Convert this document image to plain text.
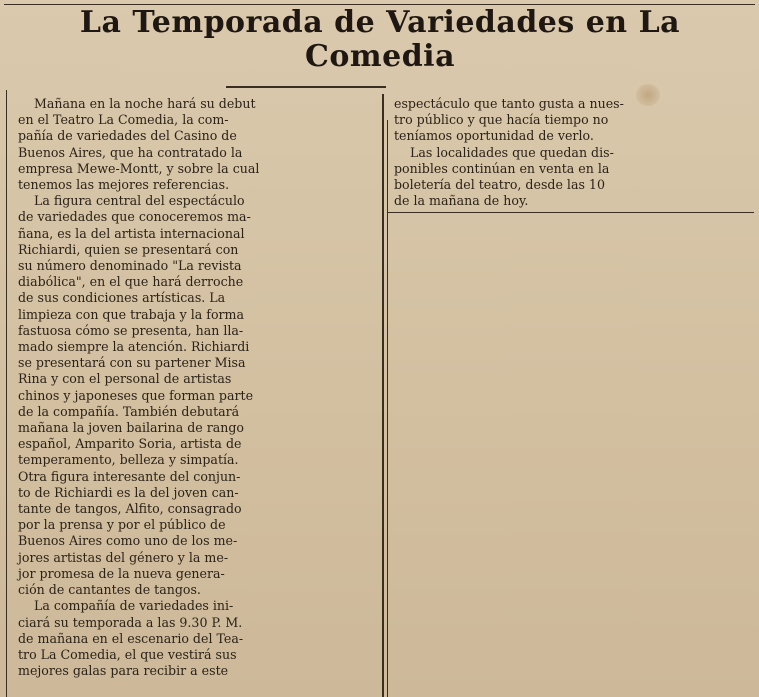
La Temporada de Variedades en La
Comedia

Mañana en la noche hará su debut
en el Teatro La Comedia, la com-
pañía de variedades del Casino de
Buenos Aires, que ha contratado la
empresa Mewe-Montt, y sobre la cual
tenemos las mejores referencias.
La figura central del espectáculo
de variedades que conoceremos ma-
ñana, es la del artista internacional
Richiardi, quien se presentará con
su número denominado "La revista
diabólica", en el que hará derroche
de sus condiciones artísticas. La
limpieza con que trabaja y la forma
fastuosa cómo se presenta, han lla-
mado siempre la atención. Richiardi
se presentará con su partener Misa
Rina y con el personal de artistas
chinos y japoneses que forman parte
de la compañía. También debutará
mañana la joven bailarina de rango
español, Amparito Soria, artista de
temperamento, belleza y simpatía.
Otra figura interesante del conjun-
to de Richiardi es la del joven can-
tante de tangos, Alfito, consagrado
por la prensa y por el público de
Buenos Aires como uno de los me-
jores artistas del género y la me-
jor promesa de la nueva genera-
ción de cantantes de tangos.
La compañía de variedades ini-
ciará su temporada a las 9.30 P. M.
de mañana en el escenario del Tea-
tro La Comedia, el que vestirá sus
mejores galas para recibir a este

espectáculo que tanto gusta a nues-
tro público y que hacía tiempo no
teníamos oportunidad de verlo.
Las localidades que quedan dis-
ponibles continúan en venta en la
boletería del teatro, desde las 10
de la mañana de hoy.
